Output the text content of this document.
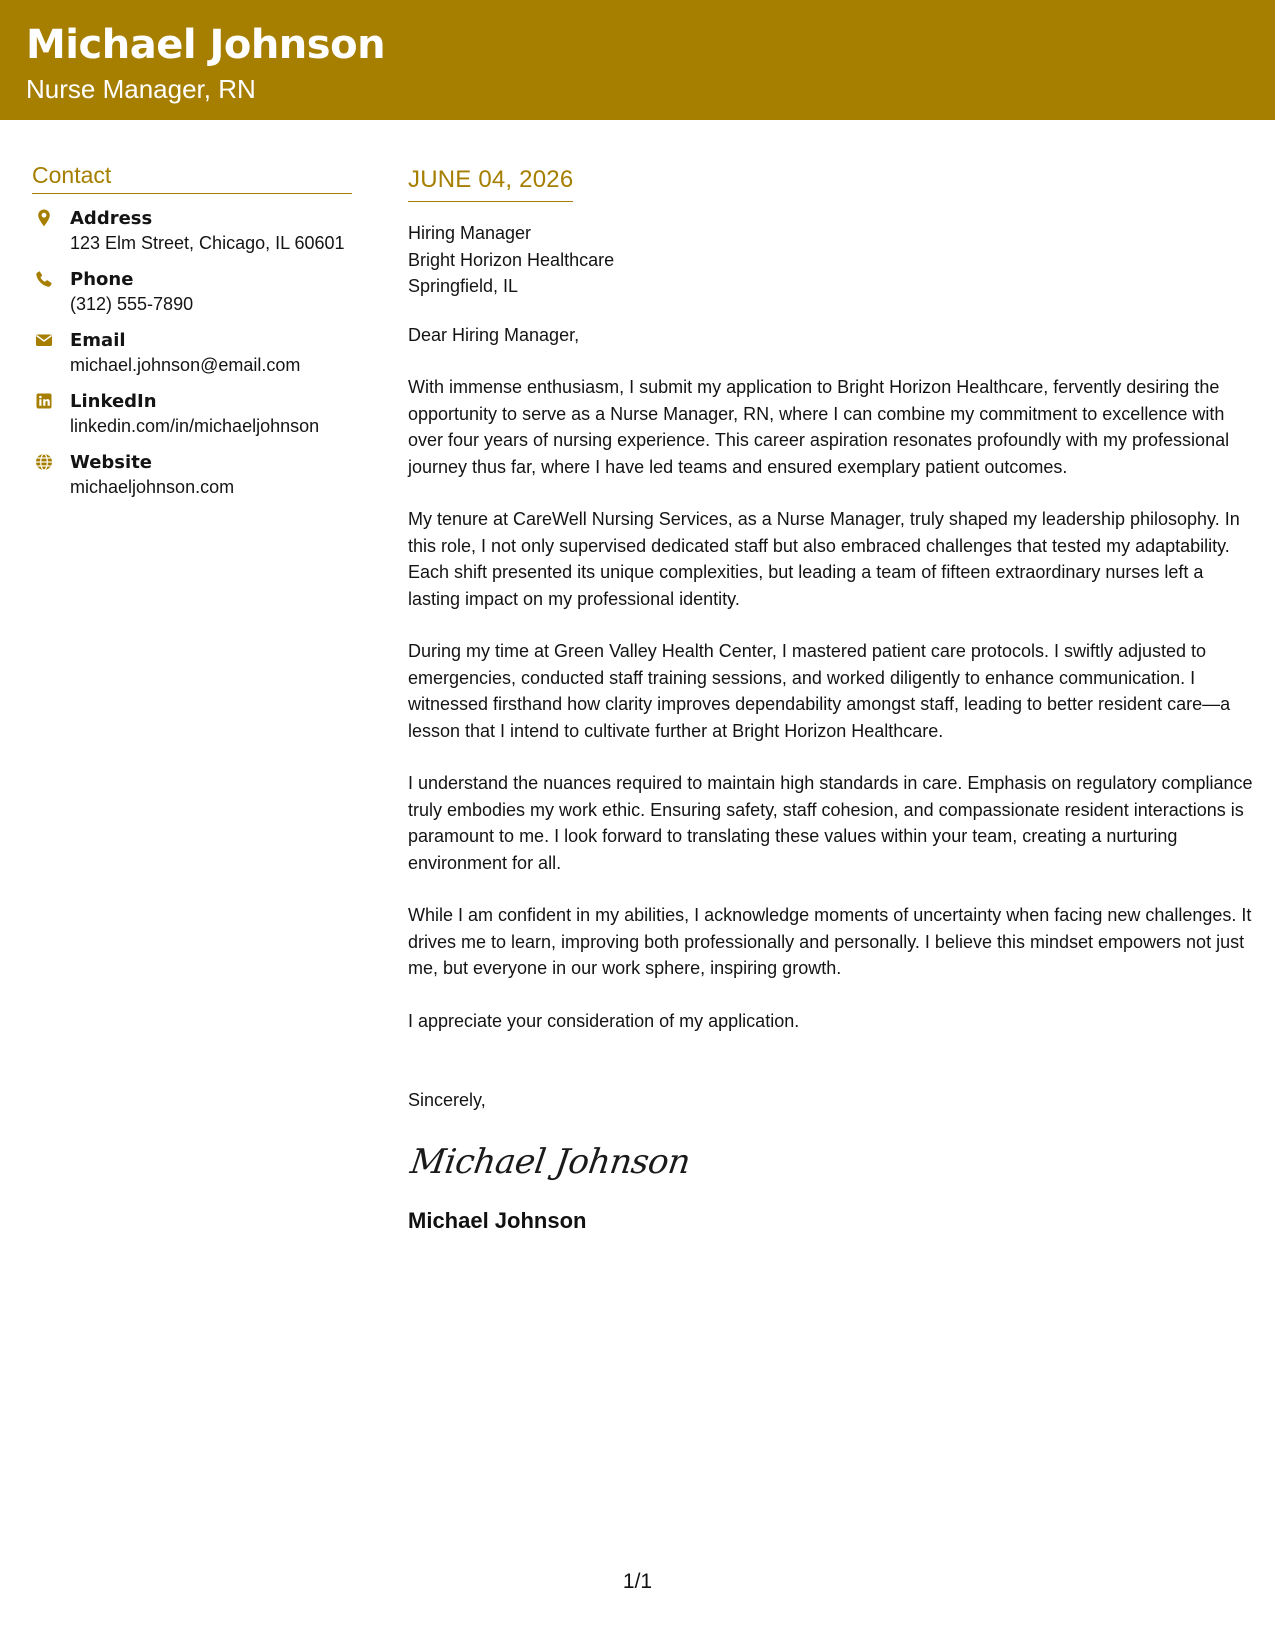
Michael Johnson
Nurse Manager, RN
Contact
Address
123 Elm Street, Chicago, IL 60601
Phone
(312) 555-7890
Email
michael.johnson@email.com
LinkedIn
linkedin.com/in/michaeljohnson
Website
michaeljohnson.com
JUNE 04, 2026
Hiring Manager
Bright Horizon Healthcare
Springfield, IL
Dear Hiring Manager,
With immense enthusiasm, I submit my application to Bright Horizon Healthcare, fervently desiring the opportunity to serve as a Nurse Manager, RN, where I can combine my commitment to excellence with over four years of nursing experience. This career aspiration resonates profoundly with my professional journey thus far, where I have led teams and ensured exemplary patient outcomes.
My tenure at CareWell Nursing Services, as a Nurse Manager, truly shaped my leadership philosophy. In this role, I not only supervised dedicated staff but also embraced challenges that tested my adaptability. Each shift presented its unique complexities, but leading a team of fifteen extraordinary nurses left a lasting impact on my professional identity.
During my time at Green Valley Health Center, I mastered patient care protocols. I swiftly adjusted to emergencies, conducted staff training sessions, and worked diligently to enhance communication. I witnessed firsthand how clarity improves dependability amongst staff, leading to better resident care—a lesson that I intend to cultivate further at Bright Horizon Healthcare.
I understand the nuances required to maintain high standards in care. Emphasis on regulatory compliance truly embodies my work ethic. Ensuring safety, staff cohesion, and compassionate resident interactions is paramount to me. I look forward to translating these values within your team, creating a nurturing environment for all.
While I am confident in my abilities, I acknowledge moments of uncertainty when facing new challenges. It drives me to learn, improving both professionally and personally. I believe this mindset empowers not just me, but everyone in our work sphere, inspiring growth.
I appreciate your consideration of my application.
Sincerely,
Michael Johnson
Michael Johnson
1/1
